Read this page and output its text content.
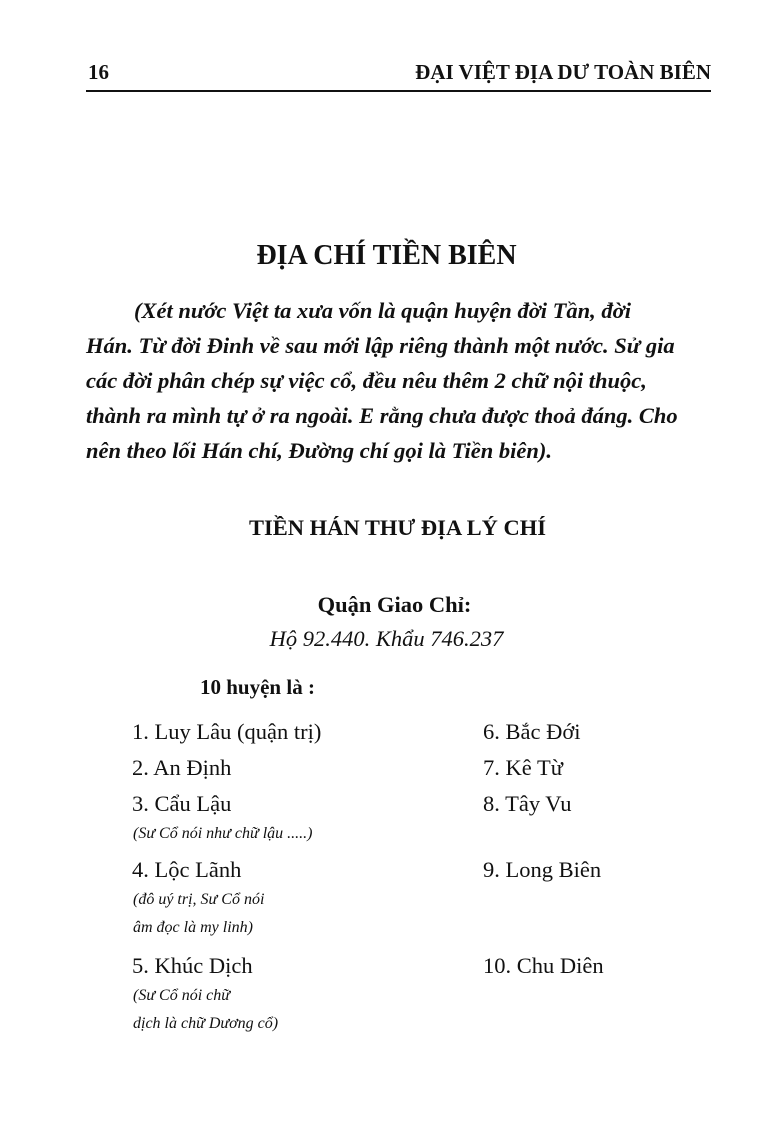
16	ĐẠI VIỆT ĐỊA DƯ TOÀN BIÊN
ĐỊA CHÍ TIỀN BIÊN
(Xét nước Việt ta xưa vốn là quận huyện đời Tần, đời
Hán. Từ đời Đinh về sau mới lập riêng thành một nước. Sử gia
các đời phân chép sự việc cổ, đều nêu thêm 2 chữ nội thuộc,
thành ra mình tự ở ra ngoài. E rằng chưa được thoả đáng. Cho
nên theo lối Hán chí, Đường chí gọi là Tiền biên).
TIỀN HÁN THƯ ĐỊA LÝ CHÍ
Quận Giao Chỉ:
Hộ 92.440. Khẩu 746.237
10 huyện là :
1. Luy Lâu (quận trị)
2. An Định
3. Cẩu Lậu
(Sư Cổ nói như chữ lậu .....)
4. Lộc Lãnh
(đô uý trị, Sư Cổ nói
âm đọc là my linh)
5. Khúc Dịch
(Sư Cổ nói chữ
dịch là chữ Dương cổ)
6. Bắc Đới
7. Kê Từ
8. Tây Vu
9. Long Biên
10. Chu Diên
